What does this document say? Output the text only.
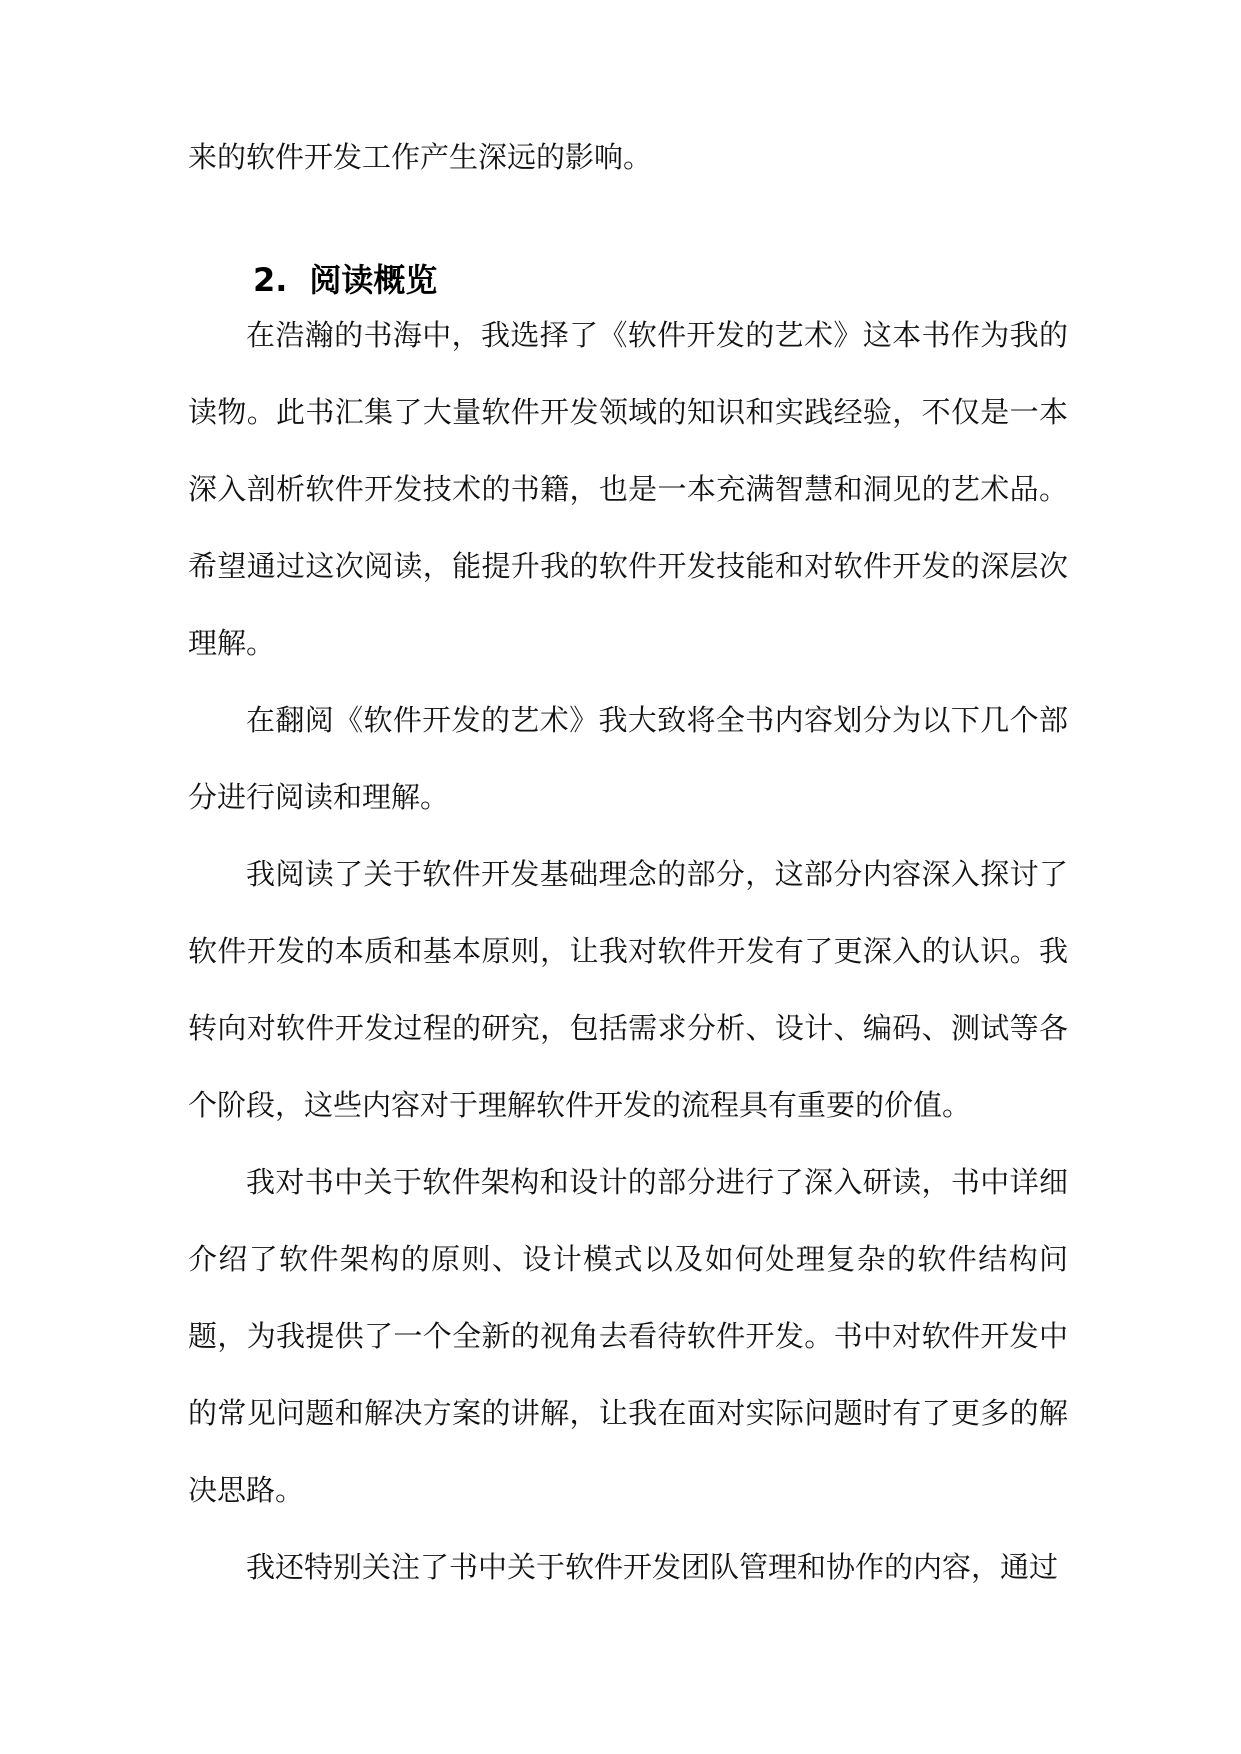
来的软件开发工作产生深远的影响。

2. 阅读概览

在浩瀚的书海中，我选择了《软件开发的艺术》这本书作为我的读物。此书汇集了大量软件开发领域的知识和实践经验，不仅是一本深入剖析软件开发技术的书籍，也是一本充满智慧和洞见的艺术品。希望通过这次阅读，能提升我的软件开发技能和对软件开发的深层次理解。

在翻阅《软件开发的艺术》我大致将全书内容划分为以下几个部分进行阅读和理解。

我阅读了关于软件开发基础理念的部分，这部分内容深入探讨了软件开发的本质和基本原则，让我对软件开发有了更深入的认识。我转向对软件开发过程的研究，包括需求分析、设计、编码、测试等各个阶段，这些内容对于理解软件开发的流程具有重要的价值。

我对书中关于软件架构和设计的部分进行了深入研读，书中详细介绍了软件架构的原则、设计模式以及如何处理复杂的软件结构问题，为我提供了一个全新的视角去看待软件开发。书中对软件开发中的常见问题和解决方案的讲解，让我在面对实际问题时有了更多的解决思路。

我还特别关注了书中关于软件开发团队管理和协作的内容，通过
